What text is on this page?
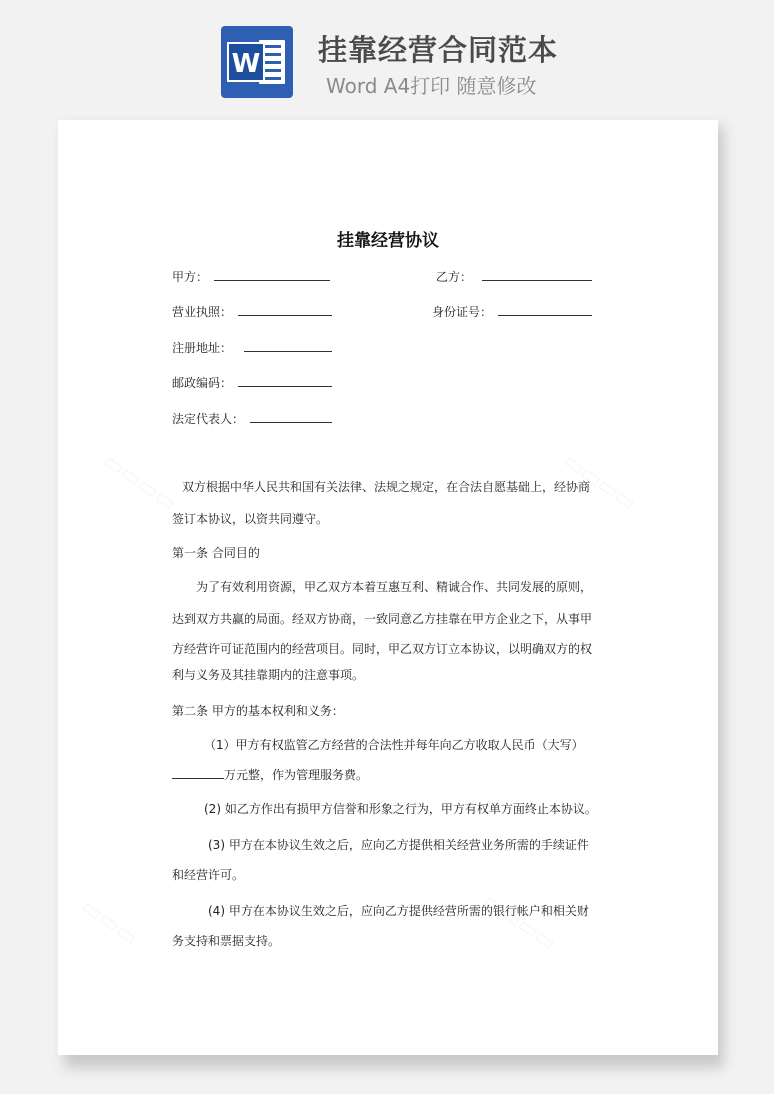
W 挂靠经营合同范本
Word A4打印 随意修改
挂靠经营协议
甲方：	乙方：
营业执照：	身份证号：
注册地址：
邮政编码：
法定代表人：
双方根据中华人民共和国有关法律、法规之规定，在合法自愿基础上，经协商
签订本协议，以资共同遵守。
第一条 合同目的
为了有效利用资源，甲乙双方本着互惠互利、精诚合作、共同发展的原则，
达到双方共赢的局面。经双方协商，一致同意乙方挂靠在甲方企业之下，从事甲
方经营许可证范围内的经营项目。同时，甲乙双方订立本协议，以明确双方的权
利与义务及其挂靠期内的注意事项。
第二条 甲方的基本权利和义务：
（1）甲方有权监管乙方经营的合法性并每年向乙方收取人民币（大写）
万元整，作为管理服务费。
(2) 如乙方作出有损甲方信誉和形象之行为，甲方有权单方面终止本协议。
(3) 甲方在本协议生效之后，应向乙方提供相关经营业务所需的手续证件
和经营许可。
(4) 甲方在本协议生效之后，应向乙方提供经营所需的银行帐户和相关财
务支持和票据支持。
